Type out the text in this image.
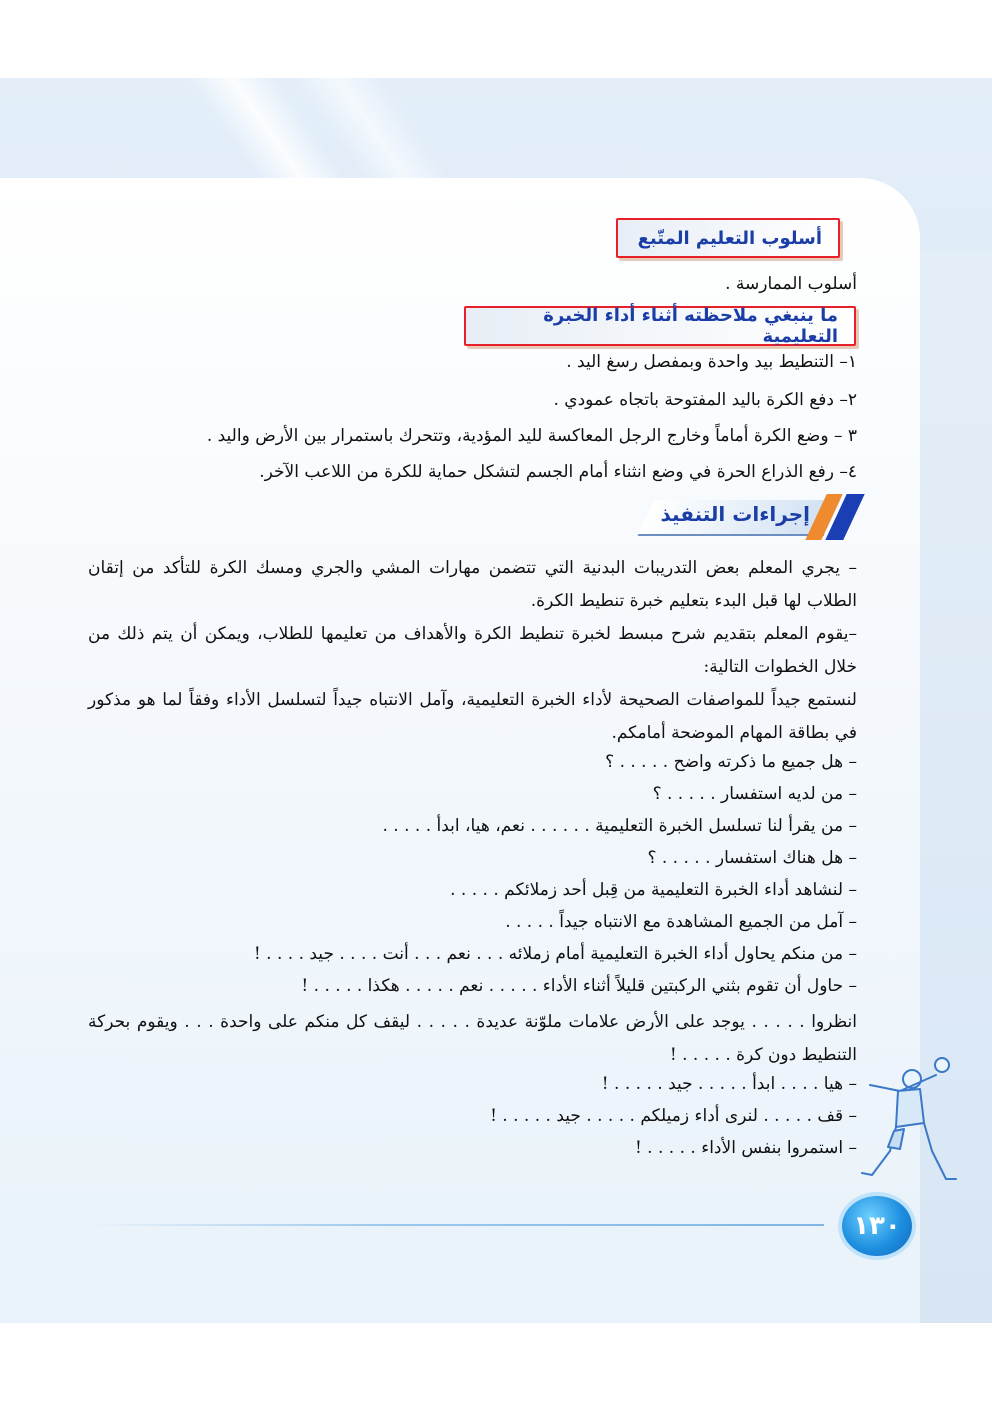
أسلوب التعليم المتّبع
أسلوب الممارسة .
ما ينبغي ملاحظته أثناء أداء الخبرة التعليمية
١– التنطيط بيد واحدة وبمفصل رسغ اليد .
٢– دفع الكرة باليد المفتوحة باتجاه عمودي .
٣ – وضع الكرة أماماً وخارج الرجل المعاكسة لليد المؤدية، وتتحرك باستمرار بين الأرض واليد .
٤– رفع الذراع الحرة في وضع انثناء أمام الجسم لتشكل حماية للكرة من اللاعب الآخر.
إجراءات التنفيذ
– يجري المعلم بعض التدريبات البدنية التي تتضمن مهارات المشي والجري ومسك الكرة للتأكد من إتقان الطلاب لها قبل البدء بتعليم خبرة تنطيط الكرة.
–يقوم المعلم بتقديم شرح مبسط لخبرة تنطيط الكرة والأهداف من تعليمها للطلاب، ويمكن أن يتم ذلك من خلال الخطوات التالية:
لنستمع جيداً للمواصفات الصحيحة لأداء الخبرة التعليمية، وآمل الانتباه جيداً لتسلسل الأداء وفقاً لما هو مذكور في بطاقة المهام الموضحة أمامكم.
– هل جميع ما ذكرته واضح . . . . . ؟
– من لديه استفسار . . . . . ؟
– من يقرأ لنا تسلسل الخبرة التعليمية . . . . . . نعم، هيا، ابدأ . . . . .
– هل هناك استفسار . . . . . ؟
– لنشاهد أداء الخبرة التعليمية من قِبل أحد زملائكم . . . . .
– آمل من الجميع المشاهدة مع الانتباه جيداً . . . . .
– من منكم يحاول أداء الخبرة التعليمية أمام زملائه . . . نعم . . . أنت . . . . جيد . . . . !
– حاول أن تقوم بثني الركبتين قليلاً أثناء الأداء . . . . . نعم . . . . . هكذا . . . . . !
انظروا . . . . . يوجد على الأرض علامات ملوّنة عديدة . . . . . ليقف كل منكم على واحدة . . . ويقوم بحركة التنطيط دون كرة . . . . . !
– هيا . . . . ابدأ . . . . . جيد . . . . . !
– قف . . . . . لنرى أداء زميلكم . . . . . جيد . . . . . !
– استمروا بنفس الأداء . . . . . !
١٣٠
